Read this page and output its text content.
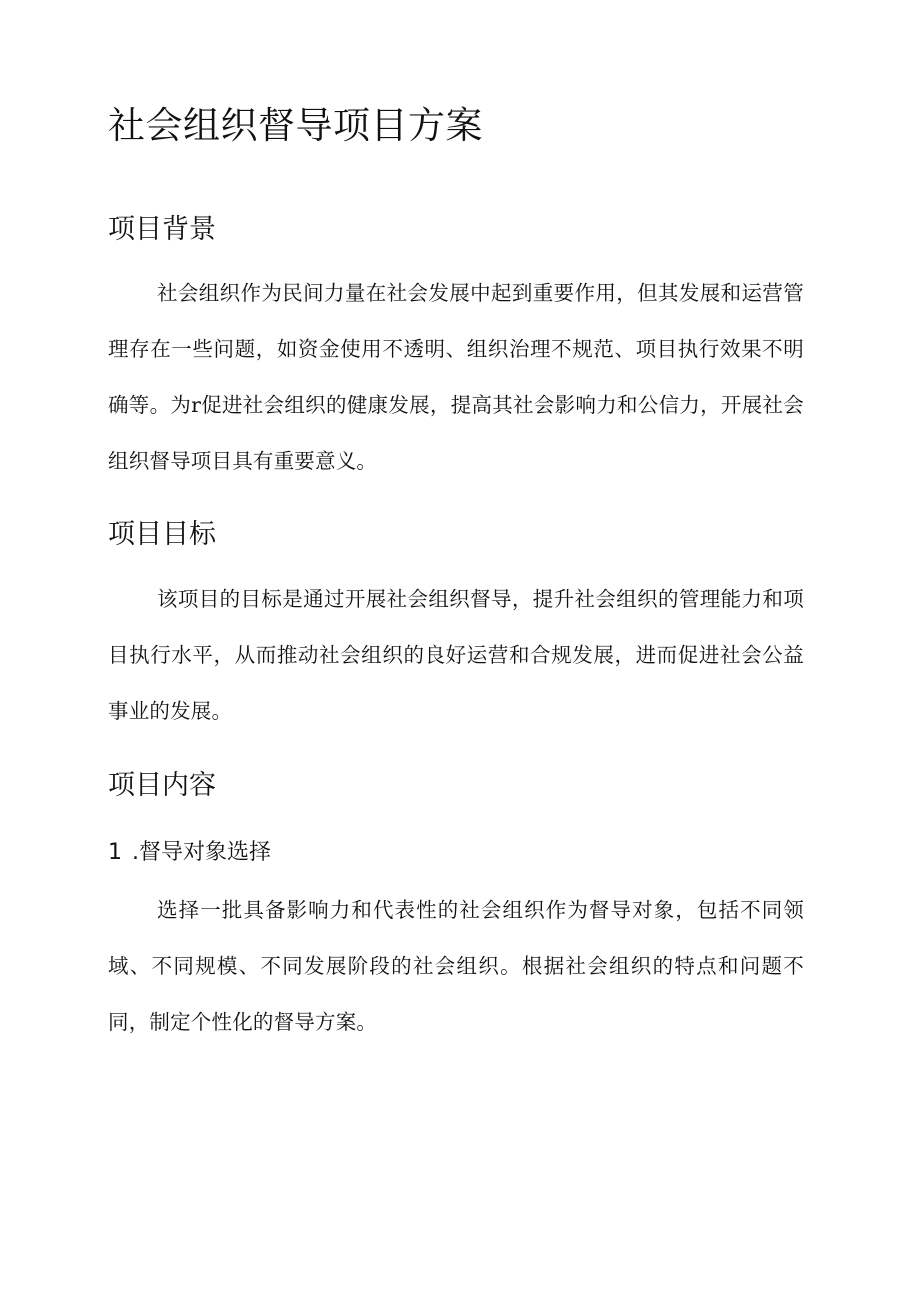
社会组织督导项目方案
项目背景

社会组织作为民间力量在社会发展中起到重要作用，但其发展和运营管理存在一些问题，如资金使用不透明、组织治理不规范、项目执行效果不明确等。为r促进社会组织的健康发展，提高其社会影响力和公信力，开展社会组织督导项目具有重要意义。

项目目标

该项目的目标是通过开展社会组织督导，提升社会组织的管理能力和项目执行水平，从而推动社会组织的良好运营和合规发展，进而促进社会公益事业的发展。

项目内容
1 .督导对象选择

选择一批具备影响力和代表性的社会组织作为督导对象，包括不同领域、不同规模、不同发展阶段的社会组织。根据社会组织的特点和问题不同，制定个性化的督导方案。
